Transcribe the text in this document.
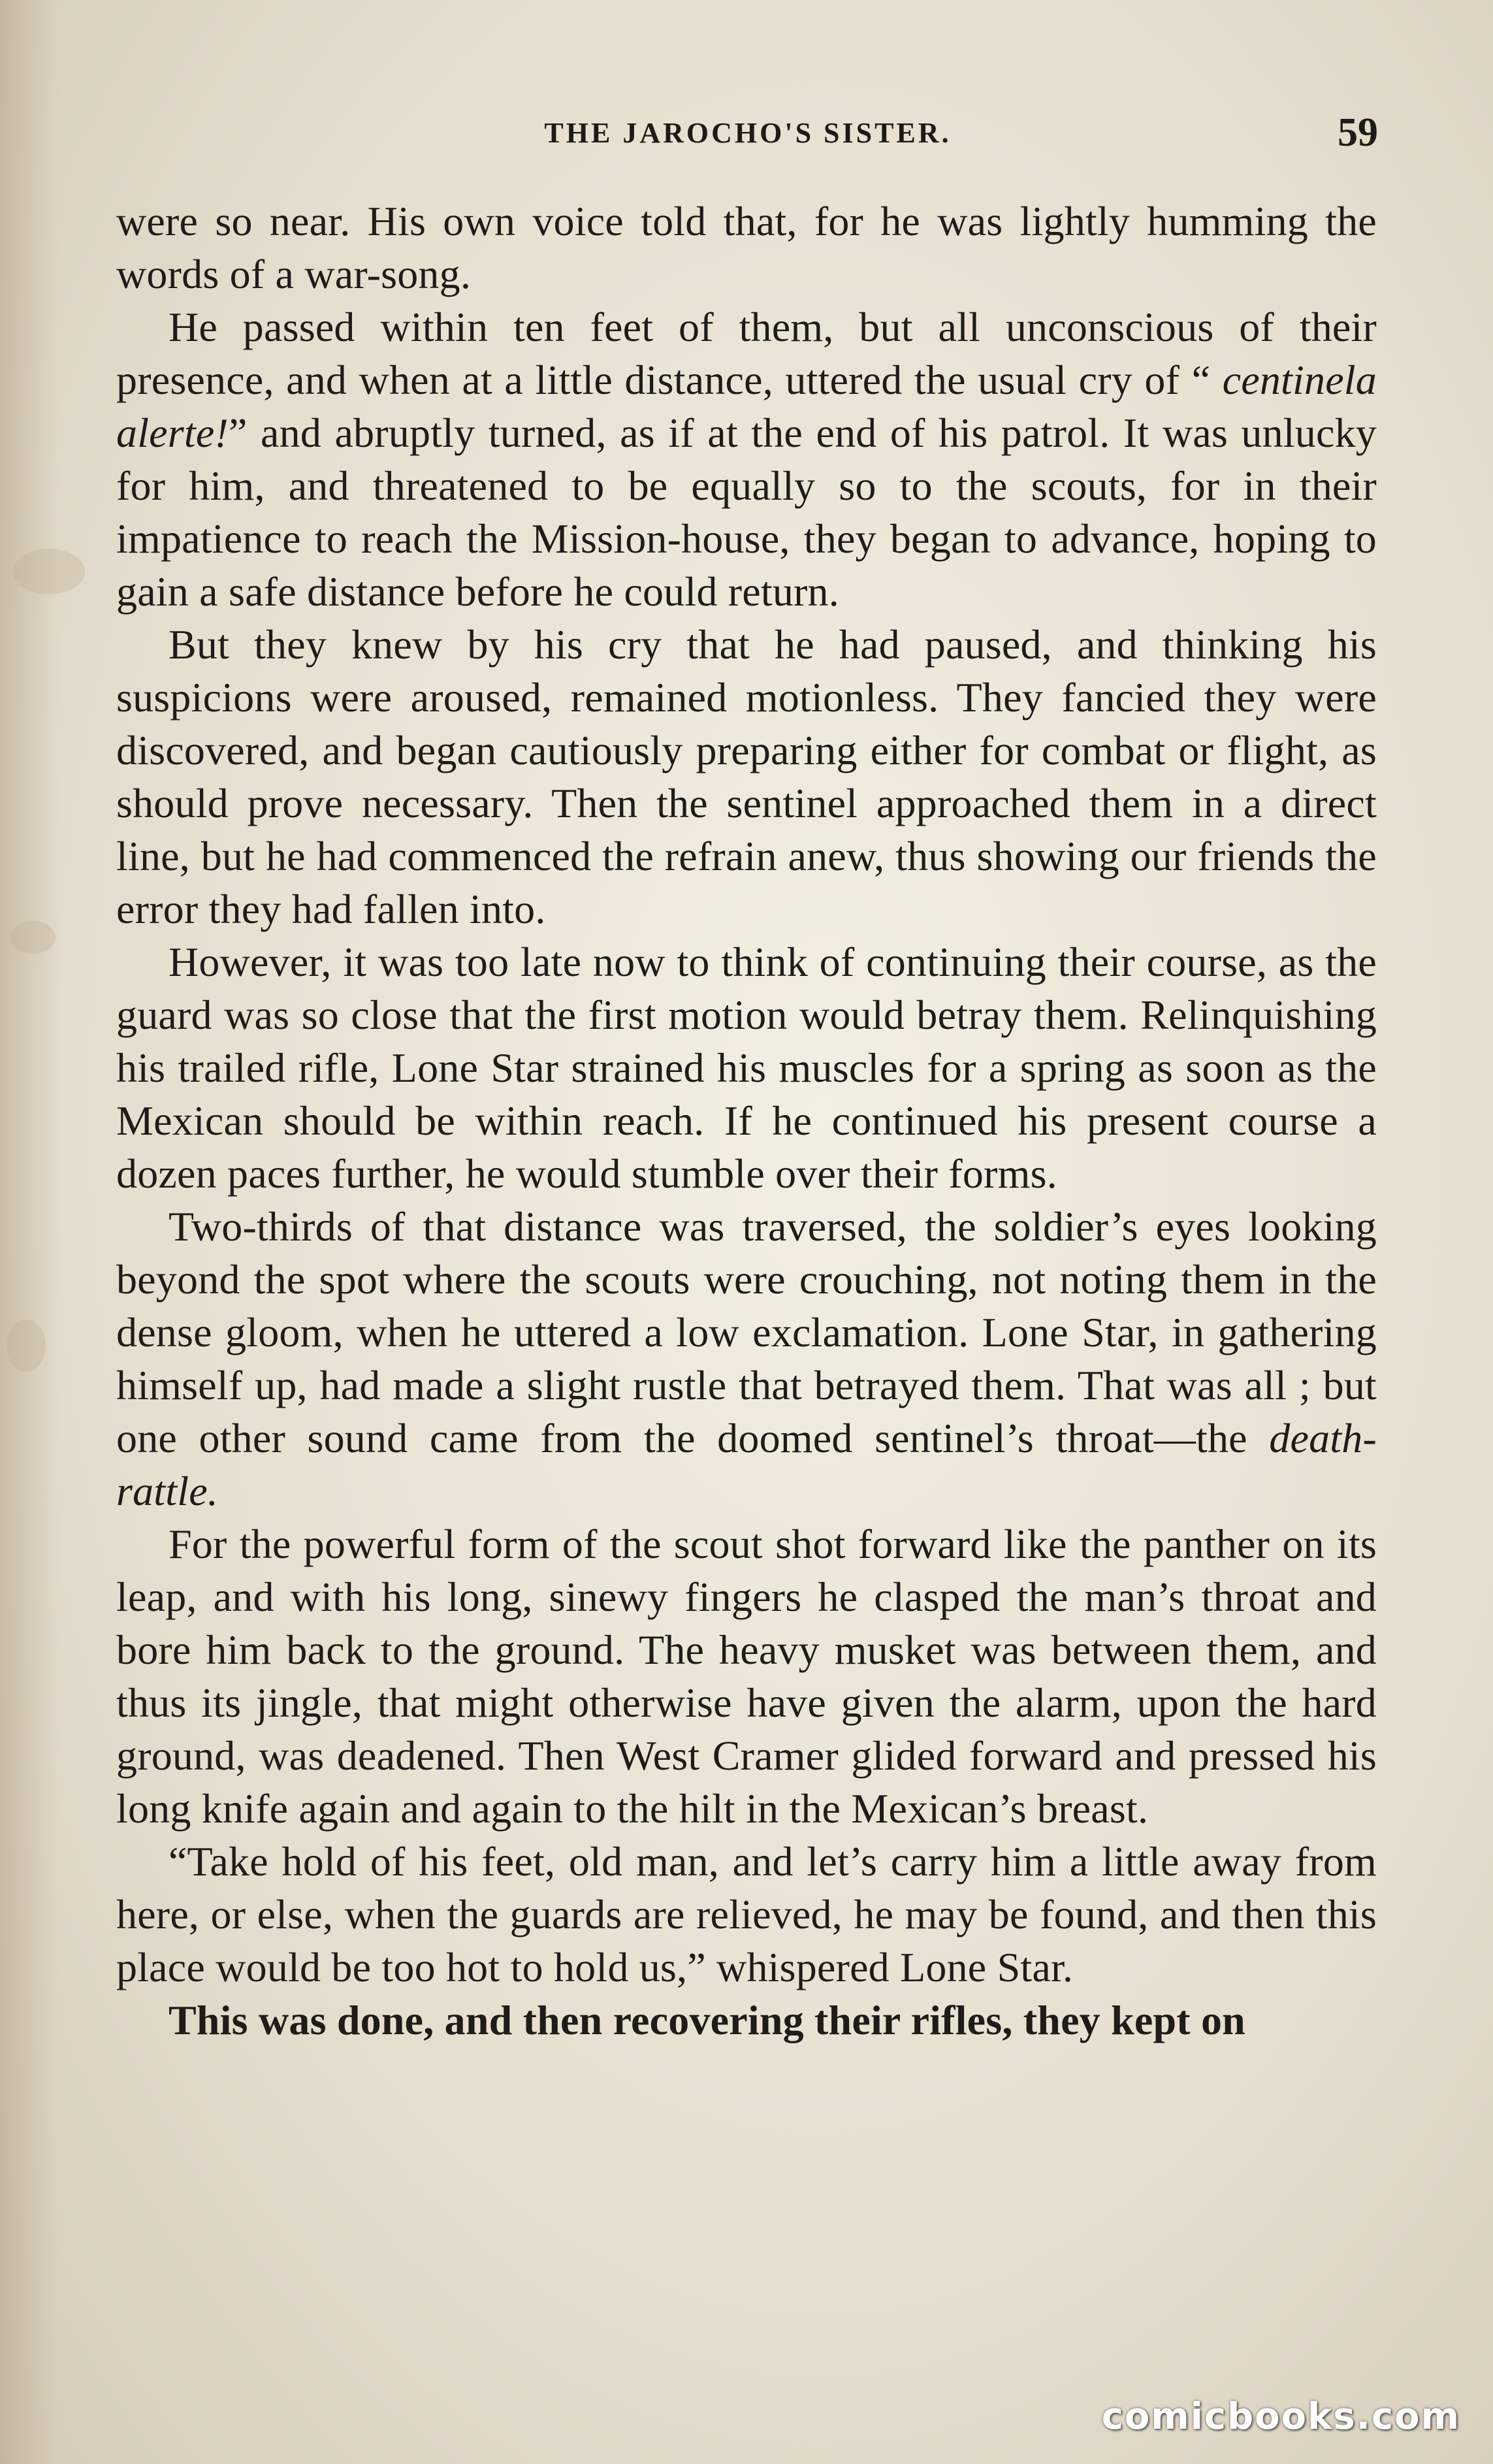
THE JAROCHO'S SISTER.	59

were so near. His own voice told that, for he was lightly humming the words of a war-song.

He passed within ten feet of them, but all unconscious of their presence, and when at a little distance, uttered the usual cry of “ centinela alerte!” and abruptly turned, as if at the end of his patrol. It was unlucky for him, and threatened to be equally so to the scouts, for in their impatience to reach the Mission-house, they began to advance, hoping to gain a safe distance before he could return.

But they knew by his cry that he had paused, and thinking his suspicions were aroused, remained motionless. They fancied they were discovered, and began cautiously preparing either for combat or flight, as should prove necessary. Then the sentinel approached them in a direct line, but he had commenced the refrain anew, thus showing our friends the error they had fallen into.

However, it was too late now to think of continuing their course, as the guard was so close that the first motion would betray them. Relinquishing his trailed rifle, Lone Star strained his muscles for a spring as soon as the Mexican should be within reach. If he continued his present course a dozen paces further, he would stumble over their forms.

Two-thirds of that distance was traversed, the soldier’s eyes looking beyond the spot where the scouts were crouching, not noting them in the dense gloom, when he uttered a low exclamation. Lone Star, in gathering himself up, had made a slight rustle that betrayed them. That was all ; but one other sound came from the doomed sentinel’s throat—the death-rattle.

For the powerful form of the scout shot forward like the panther on its leap, and with his long, sinewy fingers he clasped the man’s throat and bore him back to the ground. The heavy musket was between them, and thus its jingle, that might otherwise have given the alarm, upon the hard ground, was deadened. Then West Cramer glided forward and pressed his long knife again and again to the hilt in the Mexican’s breast.

“Take hold of his feet, old man, and let’s carry him a little away from here, or else, when the guards are relieved, he may be found, and then this place would be too hot to hold us,” whispered Lone Star.

This was done, and then recovering their rifles, they kept on

comicbooks.com
